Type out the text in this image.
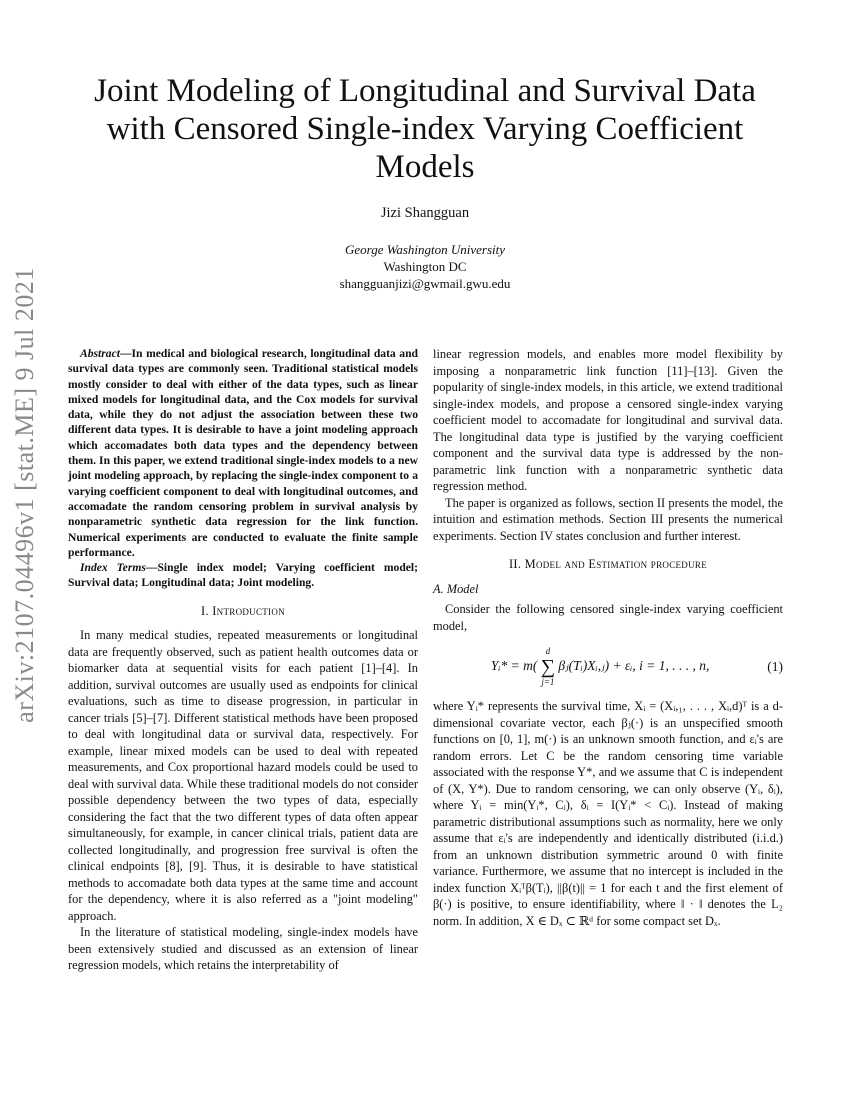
arXiv:2107.04496v1 [stat.ME] 9 Jul 2021
Joint Modeling of Longitudinal and Survival Data with Censored Single-index Varying Coefficient Models
Jizi Shangguan
George Washington University
Washington DC
shangguanjizi@gwmail.gwu.edu

Abstract—In medical and biological research, longitudinal data and survival data types are commonly seen. Traditional statistical models mostly consider to deal with either of the data types, such as linear mixed models for longitudinal data, and the Cox models for survival data, while they do not adjust the association between these two different data types. It is desirable to have a joint modeling approach which accomadates both data types and the dependency between them. In this paper, we extend traditional single-index models to a new joint modeling approach, by replacing the single-index component to a varying coefficient component to deal with longitudinal outcomes, and accomadate the random censoring problem in survival analysis by nonparametric synthetic data regression for the link function. Numerical experiments are conducted to evaluate the finite sample performance.

Index Terms—Single index model; Varying coefficient model; Survival data; Longitudinal data; Joint modeling.

I. Introduction

In many medical studies, repeated measurements or longitudinal data are frequently observed, such as patient health outcomes data or biomarker data at sequential visits for each patient [1]–[4]. In addition, survival outcomes are usually used as endpoints for clinical evaluations, such as time to disease progression, in particular in cancer trials [5]–[7]. Different statistical methods have been proposed to deal with longitudinal data or survival data, respectively. For example, linear mixed models can be used to deal with repeated measurements, and Cox proportional hazard models could be used to deal with survival data. While these traditional models do not consider possible dependency between the two types of data, especially considering the fact that the two different types of data often appear simultaneously, for example, in cancer clinical trials, patient data are collected longitudinally, and progression free survival is often the clinical endpoints [8], [9]. Thus, it is desirable to have statistical methods to accomadate both data types at the same time and account for the dependency, where it is also referred as a "joint modeling" approach.

In the literature of statistical modeling, single-index models have been extensively studied and discussed as an extension of linear regression models, which retains the interpretability of

linear regression models, and enables more model flexibility by imposing a nonparametric link function [11]–[13]. Given the popularity of single-index models, in this article, we extend traditional single-index models, and propose a censored single-index varying coefficient model to accomadate for longitudinal and survival data. The longitudinal data type is justified by the varying coefficient component and the survival data type is addressed by the non-parametric link function with a nonparametric synthetic data regression method.

The paper is organized as follows, section II presents the model, the intuition and estimation methods. Section III presents the numerical experiments. Section IV states conclusion and further interest.

II. Model and Estimation procedure

A. Model

Consider the following censored single-index varying coefficient model,

Yᵢ* = m(
d
∑
j=1
βⱼ(Tᵢ)Xᵢ,ⱼ) + εᵢ, i = 1, . . . , n,	(1)

where Yᵢ* represents the survival time, Xᵢ = (Xᵢ,₁, . . . , Xᵢ,d)ᵀ is a d-dimensional covariate vector, each βⱼ(·) is an unspecified smooth functions on [0, 1], m(·) is an unknown smooth function, and εᵢ's are random errors. Let C be the random censoring time variable associated with the response Y*, and we assume that C is independent of (X, Y*). Due to random censoring, we can only observe (Yᵢ, δᵢ), where Yᵢ = min(Yᵢ*, Cᵢ), δᵢ = I(Yᵢ* < Cᵢ). Instead of making parametric distributional assumptions such as normality, here we only assume that εᵢ's are independently and identically distributed (i.i.d.) from an unknown distribution symmetric around 0 with finite variance. Furthermore, we assume that no intercept is included in the index function Xᵢᵀβ(Tᵢ), ||β(t)|| = 1 for each t and the first element of β(·) is positive, to ensure identifiability, where ‖ · ‖ denotes the L₂ norm. In addition, X ∈ Dₓ ⊂ ℝᵈ for some compact set Dₓ.
